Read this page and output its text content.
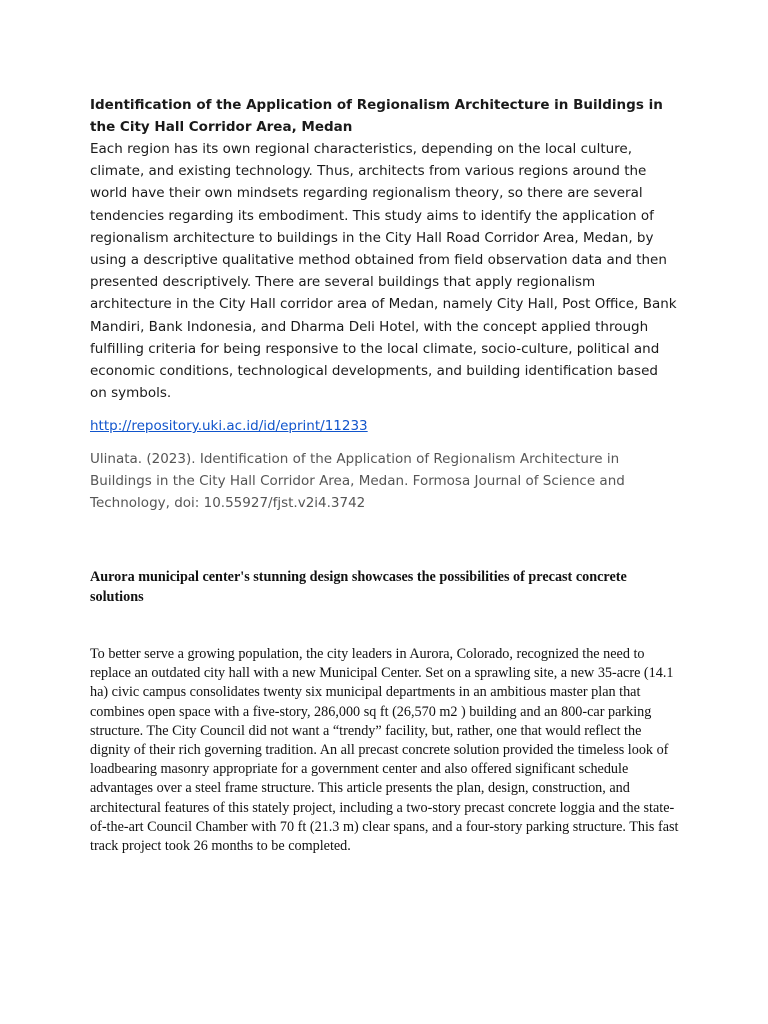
Identification of the Application of Regionalism Architecture in Buildings in the City Hall Corridor Area, Medan

Each region has its own regional characteristics, depending on the local culture, climate, and existing technology. Thus, architects from various regions around the world have their own mindsets regarding regionalism theory, so there are several tendencies regarding its embodiment. This study aims to identify the application of regionalism architecture to buildings in the City Hall Road Corridor Area, Medan, by using a descriptive qualitative method obtained from field observation data and then presented descriptively. There are several buildings that apply regionalism architecture in the City Hall corridor area of Medan, namely City Hall, Post Office, Bank Mandiri, Bank Indonesia, and Dharma Deli Hotel, with the concept applied through fulfilling criteria for being responsive to the local climate, socio-culture, political and economic conditions, technological developments, and building identification based on symbols.

http://repository.uki.ac.id/id/eprint/11233
Ulinata. (2023). Identification of the Application of Regionalism Architecture in Buildings in the City Hall Corridor Area, Medan. Formosa Journal of Science and Technology, doi: 10.55927/fjst.v2i4.3742

Aurora municipal center's stunning design showcases the possibilities of precast concrete solutions

To better serve a growing population, the city leaders in Aurora, Colorado, recognized the need to replace an outdated city hall with a new Municipal Center. Set on a sprawling site, a new 35-acre (14.1 ha) civic campus consolidates twenty six municipal departments in an ambitious master plan that combines open space with a five-story, 286,000 sq ft (26,570 m2 ) building and an 800-car parking structure. The City Council did not want a “trendy” facility, but, rather, one that would reflect the dignity of their rich governing tradition. An all precast concrete solution provided the timeless look of loadbearing masonry appropriate for a government center and also offered significant schedule advantages over a steel frame structure. This article presents the plan, design, construction, and architectural features of this stately project, including a two-story precast concrete loggia and the state-of-the-art Council Chamber with 70 ft (21.3 m) clear spans, and a four-story parking structure. This fast track project took 26 months to be completed.
